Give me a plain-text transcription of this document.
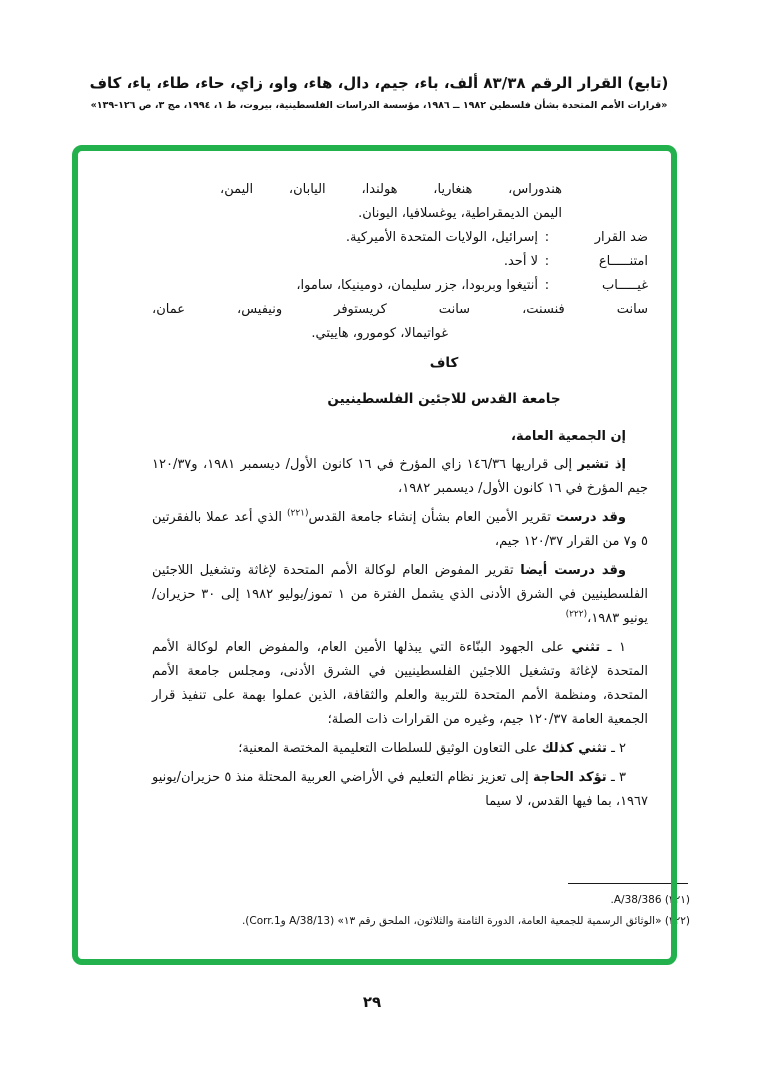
(تابع) القرار الرقم ٨٣/٣٨ ألف، باء، جيم، دال، هاء، واو، زاي، حاء، طاء، ياء، كاف
«قرارات الأمم المتحدة بشأن فلسطين ١٩٨٢ ــ ١٩٨٦، مؤسسة الدراسات الفلسطينية، بيروت، ط ١، ١٩٩٤، مج ٣، ص ١٢٦-١٣٩»
هندوراس، هنغاريا، هولندا، اليابان، اليمن،
اليمن الديمقراطية، يوغسلافيا، اليونان.
ضد القرار
:
إسرائيل، الولايات المتحدة الأميركية.
امتنـــــاع
:
لا أحد.
غيـــــاب
:
أنتيغوا وبربودا، جزر سليمان، دومينيكا، ساموا،
سانت فنسنت، سانت كريستوفر ونيفيس، عمان،
غواتيمالا، كومورو، هاييتي.
كاف
جامعة القدس للاجئين الفلسطينيين
إن الجمعية العامة،

إذ تشير إلى قراريها ١٤٦/٣٦ زاي المؤرخ في ١٦ كانون الأول/ ديسمبر ١٩٨١، و١٢٠/٣٧ جيم المؤرخ في ١٦ كانون الأول/ ديسمبر ١٩٨٢،

وقد درست تقرير الأمين العام بشأن إنشاء جامعة القدس$^{(٢٢١)}$ الذي أعد عملا بالفقرتين ٥ و٧ من القرار ١٢٠/٣٧ جيم،

وقد درست أيضا تقرير المفوض العام لوكالة الأمم المتحدة لإغاثة وتشغيل اللاجئين الفلسطينيين في الشرق الأدنى الذي يشمل الفترة من ١ تموز/يوليو ١٩٨٢ إلى ٣٠ حزيران/يونيو ١٩٨٣،$^{(٢٢٢)}$

١ ـ تثني على الجهود البنّاءة التي يبذلها الأمين العام، والمفوض العام لوكالة الأمم المتحدة لإغاثة وتشغيل اللاجئين الفلسطينيين في الشرق الأدنى، ومجلس جامعة الأمم المتحدة، ومنظمة الأمم المتحدة للتربية والعلم والثقافة، الذين عملوا بهمة على تنفيذ قرار الجمعية العامة ١٢٠/٣٧ جيم، وغيره من القرارات ذات الصلة؛

٢ ـ تثني كذلك على التعاون الوثيق للسلطات التعليمية المختصة المعنية؛

٣ ـ تؤكد الحاجة إلى تعزيز نظام التعليم في الأراضي العربية المحتلة منذ ٥ حزيران/يونيو ١٩٦٧، بما فيها القدس، لا سيما

(٢٢١) A/38/386.
(٢٢٢) «الوثائق الرسمية للجمعية العامة، الدورة الثامنة والثلاثون، الملحق رقم ١٣» (A/38/13 وCorr.1).
٢٩
